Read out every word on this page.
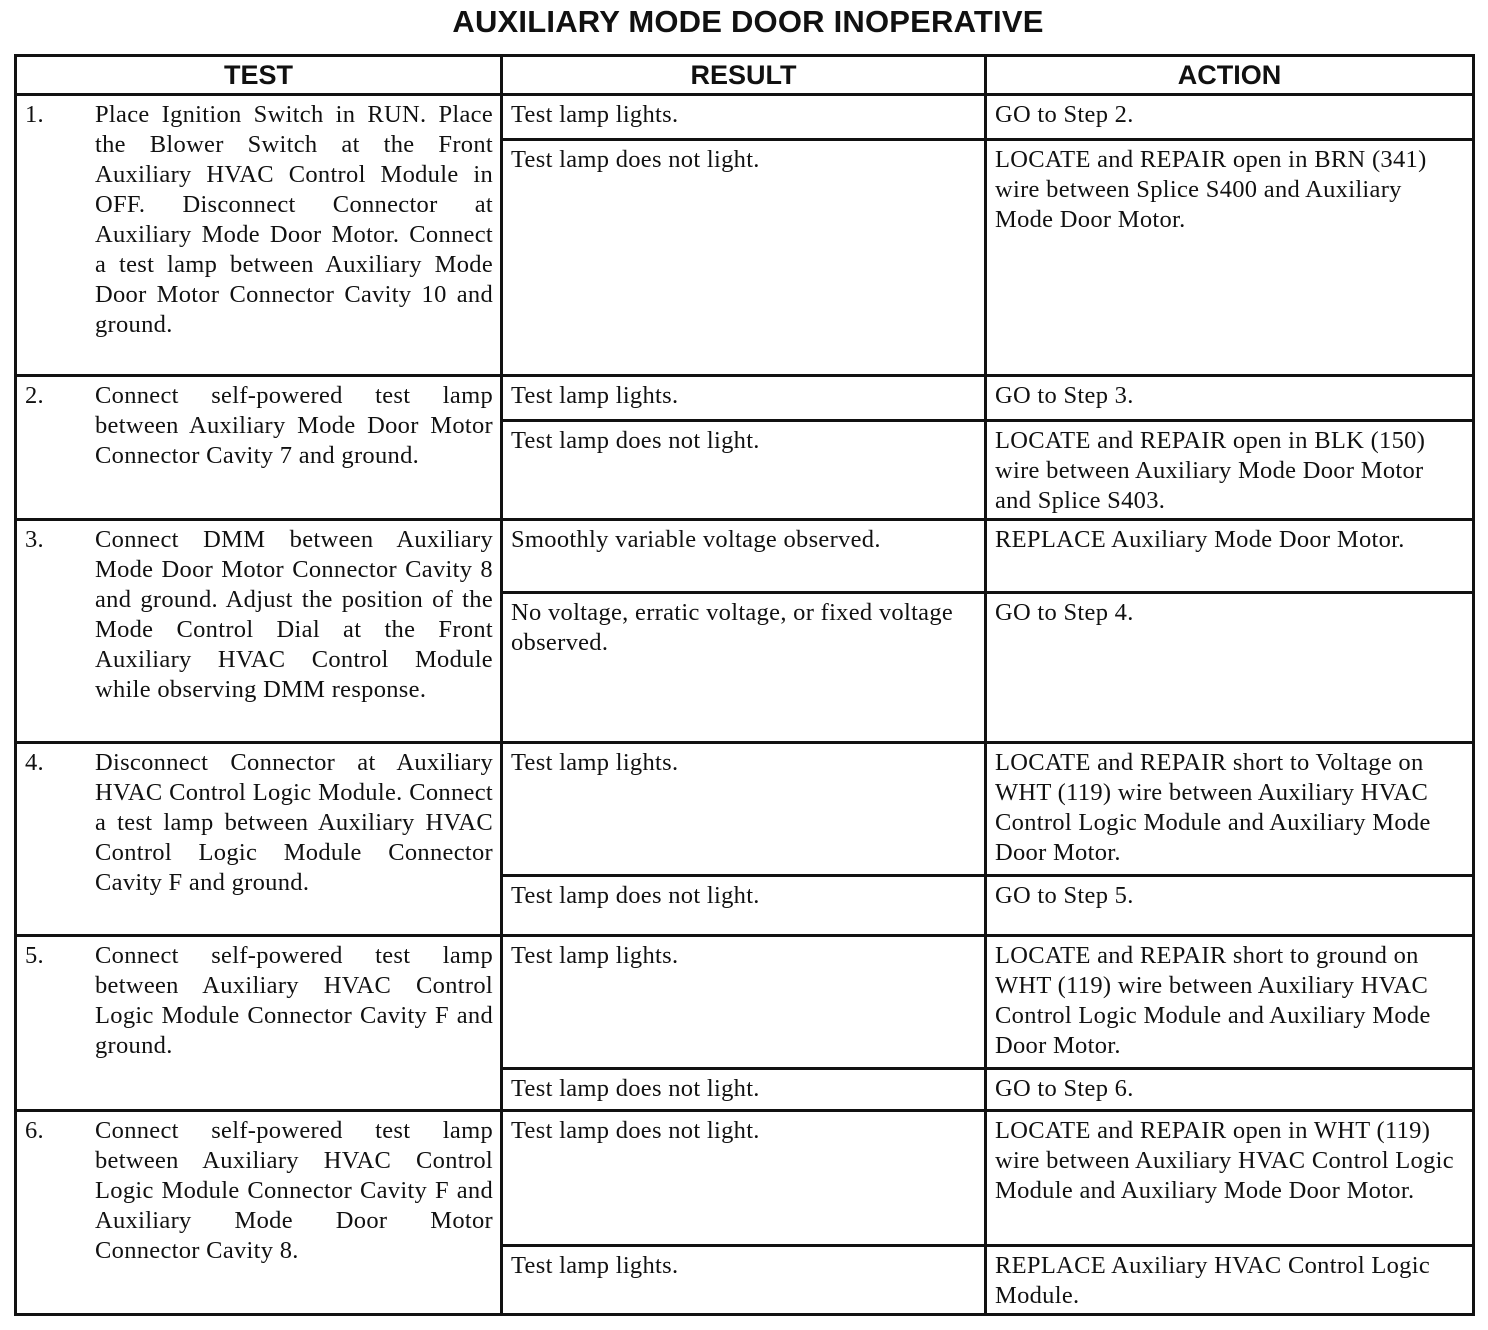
AUXILIARY MODE DOOR INOPERATIVE
TEST	RESULT	ACTION

1. Place Ignition Switch in RUN. Place the Blower Switch at the Front Auxiliary HVAC Control Module in OFF. Disconnect Connector at Auxiliary Mode Door Motor. Connect a test lamp between Auxiliary Mode Door Motor Connector Cavity 10 and ground.	Test lamp lights.	GO to Step 2.
	Test lamp does not light.	LOCATE and REPAIR open in BRN (341) wire between Splice S400 and Auxiliary Mode Door Motor.

2. Connect self-powered test lamp between Auxiliary Mode Door Motor Connector Cavity 7 and ground.	Test lamp lights.	GO to Step 3.
	Test lamp does not light.	LOCATE and REPAIR open in BLK (150) wire between Auxiliary Mode Door Motor and Splice S403.

3. Connect DMM between Auxiliary Mode Door Motor Connector Cavity 8 and ground. Adjust the position of the Mode Control Dial at the Front Auxiliary HVAC Control Module while observing DMM response.	Smoothly variable voltage observed.	REPLACE Auxiliary Mode Door Motor.
	No voltage, erratic voltage, or fixed voltage observed.	GO to Step 4.

4. Disconnect Connector at Auxiliary HVAC Control Logic Module. Connect a test lamp between Auxiliary HVAC Control Logic Module Connector Cavity F and ground.	Test lamp lights.	LOCATE and REPAIR short to Voltage on WHT (119) wire between Auxiliary HVAC Control Logic Module and Auxiliary Mode Door Motor.
	Test lamp does not light.	GO to Step 5.

5. Connect self-powered test lamp between Auxiliary HVAC Control Logic Module Connector Cavity F and ground.	Test lamp lights.	LOCATE and REPAIR short to ground on WHT (119) wire between Auxiliary HVAC Control Logic Module and Auxiliary Mode Door Motor.
	Test lamp does not light.	GO to Step 6.

6. Connect self-powered test lamp between Auxiliary HVAC Control Logic Module Connector Cavity F and Auxiliary Mode Door Motor Connector Cavity 8.	Test lamp does not light.	LOCATE and REPAIR open in WHT (119) wire between Auxiliary HVAC Control Logic Module and Auxiliary Mode Door Motor.
	Test lamp lights.	REPLACE Auxiliary HVAC Control Logic Module.
